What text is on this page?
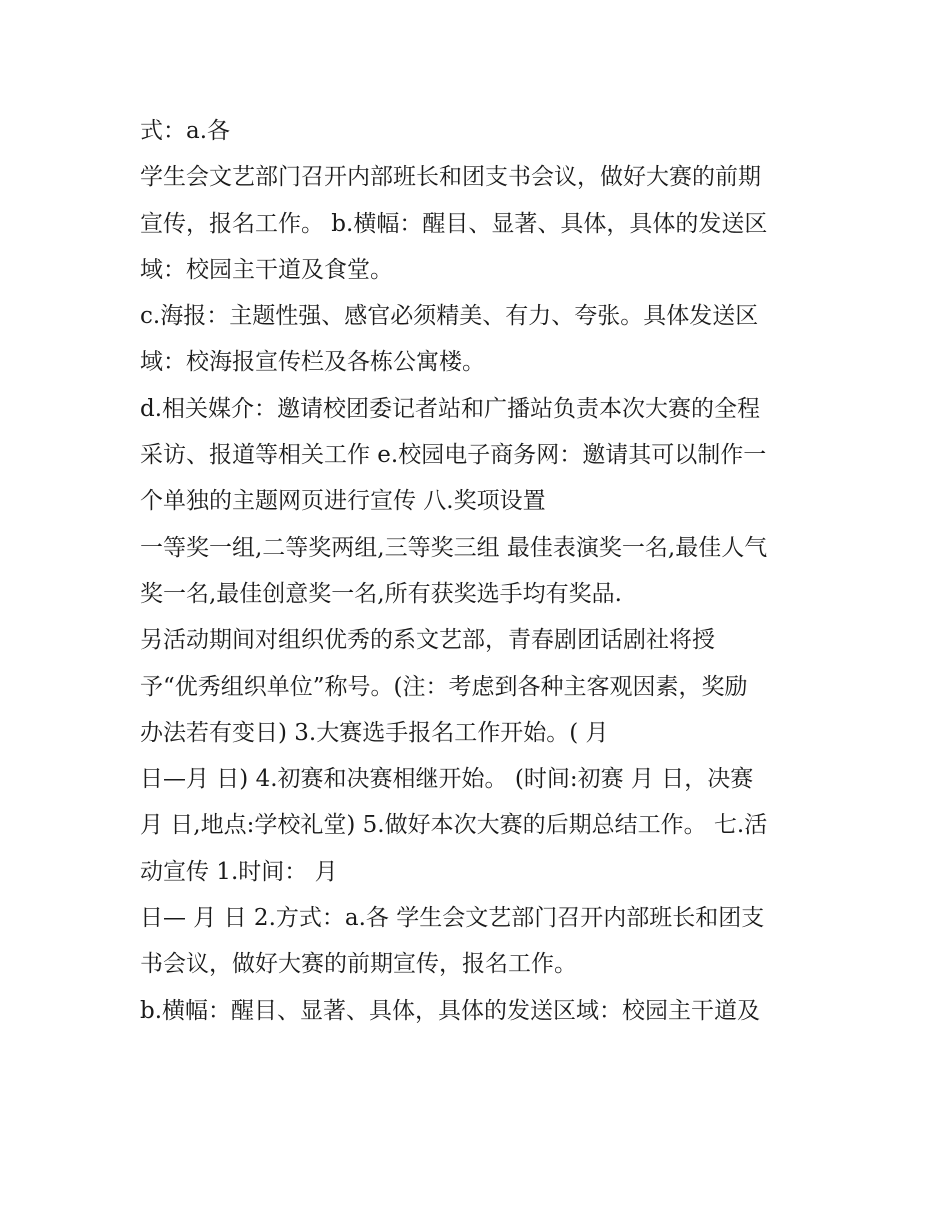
式：a.各
学生会文艺部门召开内部班长和团支书会议，做好大赛的前期
宣传，报名工作。 b.横幅：醒目、显著、具体，具体的发送区
域：校园主干道及食堂。
c.海报：主题性强、感官必须精美、有力、夸张。具体发送区
域：校海报宣传栏及各栋公寓楼。
d.相关媒介：邀请校团委记者站和广播站负责本次大赛的全程
采访、报道等相关工作 e.校园电子商务网：邀请其可以制作一
个单独的主题网页进行宣传 八.奖项设置
一等奖一组,二等奖两组,三等奖三组 最佳表演奖一名,最佳人气
奖一名,最佳创意奖一名,所有获奖选手均有奖品.
另活动期间对组织优秀的系文艺部，青春剧团话剧社将授
予“优秀组织单位”称号。(注：考虑到各种主客观因素，奖励
办法若有变日) 3.大赛选手报名工作开始。( 月
日—月 日) 4.初赛和决赛相继开始。 (时间:初赛 月 日，决赛
月 日,地点:学校礼堂) 5.做好本次大赛的后期总结工作。 七.活
动宣传 1.时间： 月
日— 月 日 2.方式：a.各 学生会文艺部门召开内部班长和团支
书会议，做好大赛的前期宣传，报名工作。
b.横幅：醒目、显著、具体，具体的发送区域：校园主干道及
